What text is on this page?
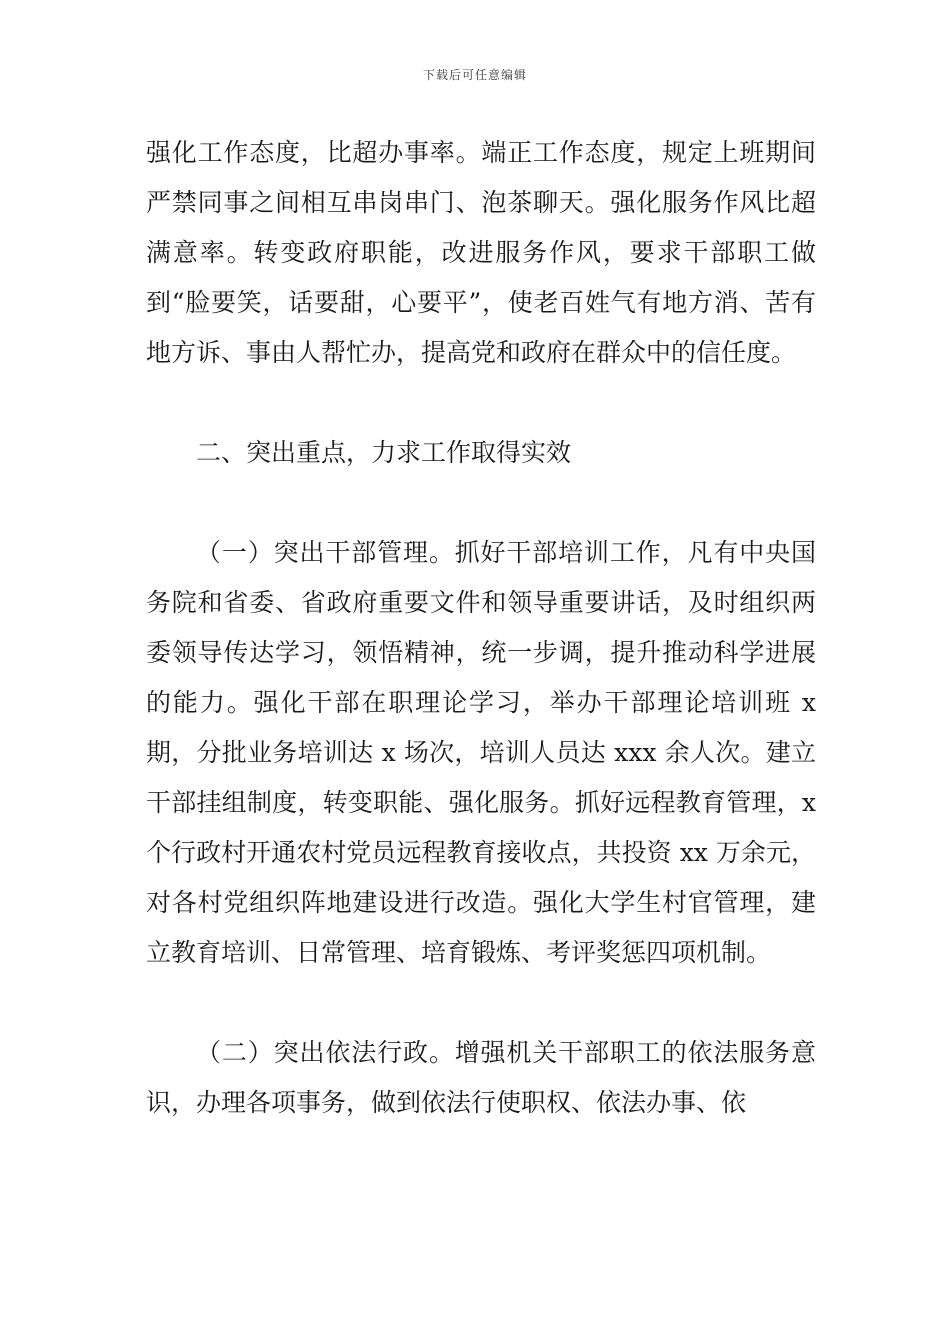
下载后可任意编辑

强化工作态度，比超办事率。端正工作态度，规定上班期间严禁同事之间相互串岗串门、泡茶聊天。强化服务作风比超满意率。转变政府职能，改进服务作风，要求干部职工做到“脸要笑，话要甜，心要平”，使老百姓气有地方消、苦有地方诉、事由人帮忙办，提高党和政府在群众中的信任度。

二、突出重点，力求工作取得实效

（一）突出干部管理。抓好干部培训工作，凡有中央国务院和省委、省政府重要文件和领导重要讲话，及时组织两委领导传达学习，领悟精神，统一步调，提升推动科学进展的能力。强化干部在职理论学习，举办干部理论培训班 x 期，分批业务培训达 x 场次，培训人员达 xxx 余人次。建立干部挂组制度，转变职能、强化服务。抓好远程教育管理，x 个行政村开通农村党员远程教育接收点，共投资 xx 万余元，对各村党组织阵地建设进行改造。强化大学生村官管理，建立教育培训、日常管理、培育锻炼、考评奖惩四项机制。

（二）突出依法行政。增强机关干部职工的依法服务意识，办理各项事务，做到依法行使职权、依法办事、依
